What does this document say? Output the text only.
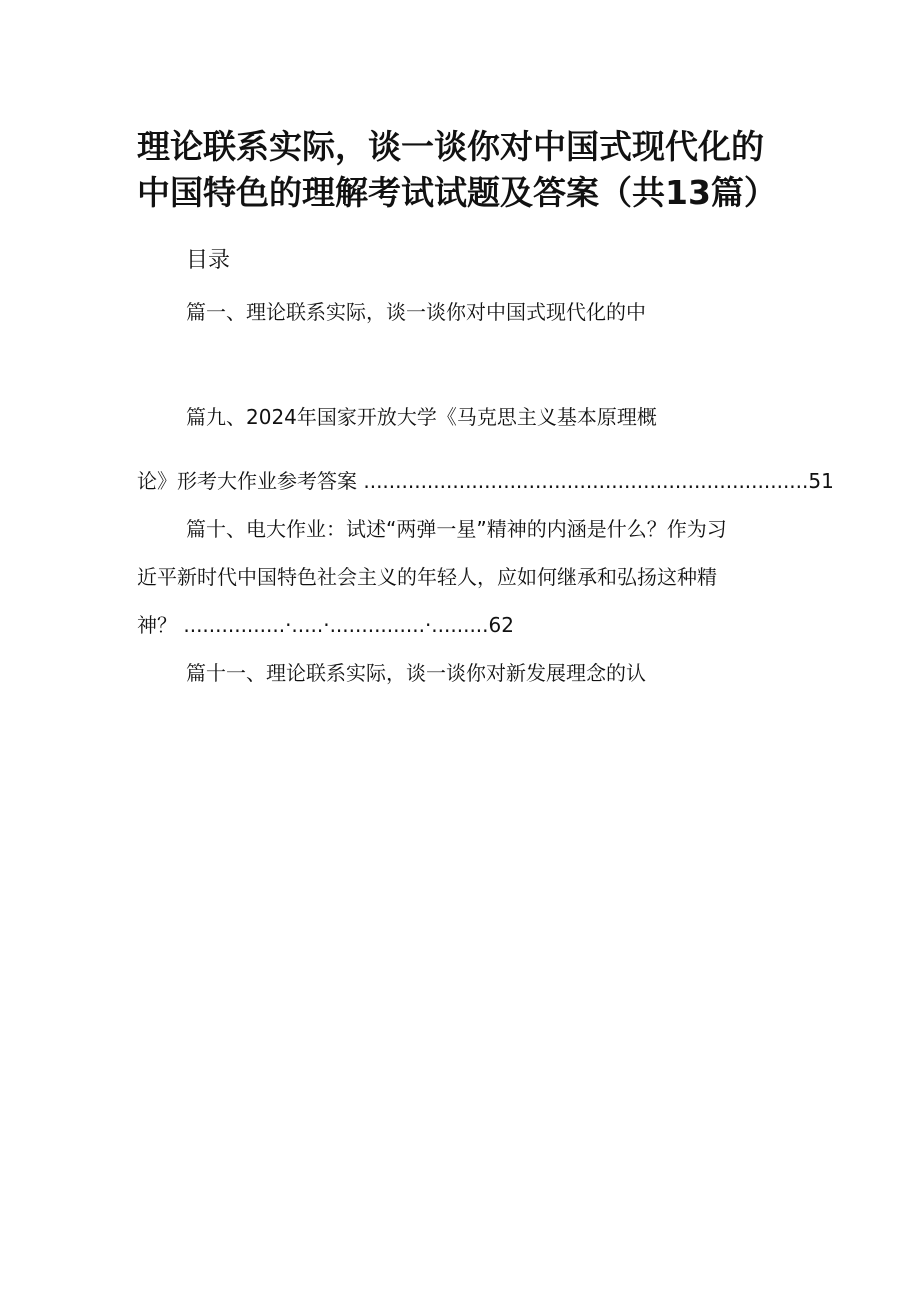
理论联系实际，谈一谈你对中国式现代化的
中国特色的理解考试试题及答案（共13篇）
目录
篇一、理论联系实际，谈一谈你对中国式现代化的中
篇九、2024年国家开放大学《马克思主义基本原理概
论》形考大作业参考答案 ......................................................................51
篇十、电大作业：试述“两弹一星”精神的内涵是什么？作为习
近平新时代中国特色社会主义的年轻人，应如何继承和弘扬这种精
神？ ................·.....·...............·.........62
篇十一、理论联系实际，谈一谈你对新发展理念的认
